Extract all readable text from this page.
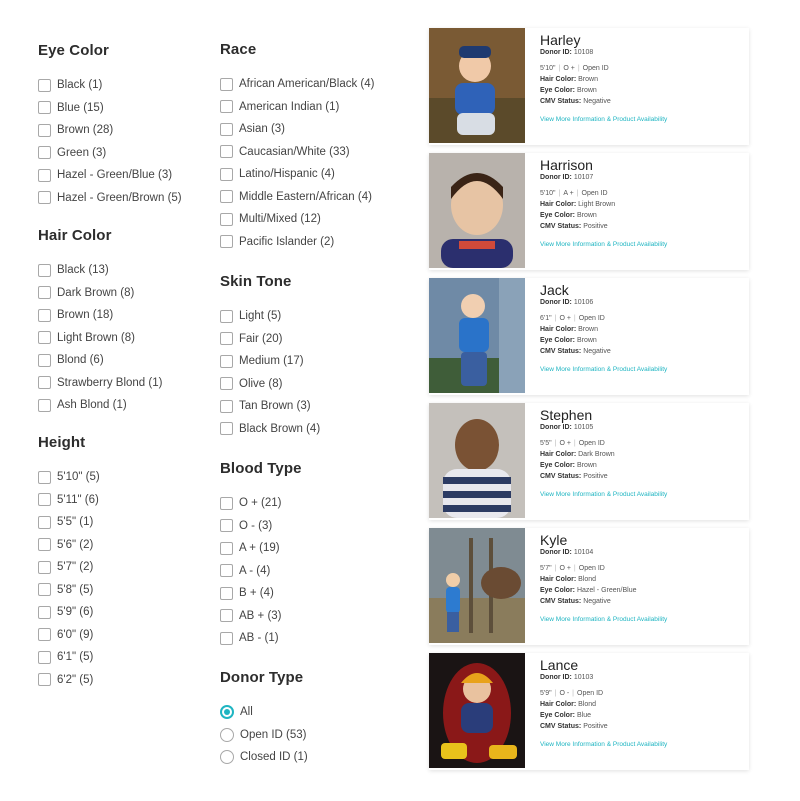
Eye Color
Black (1)
Blue (15)
Brown (28)
Green (3)
Hazel - Green/Blue (3)
Hazel - Green/Brown (5)
Hair Color
Black (13)
Dark Brown (8)
Brown (18)
Light Brown (8)
Blond (6)
Strawberry Blond (1)
Ash Blond (1)
Height
5'10" (5)
5'11" (6)
5'5" (1)
5'6" (2)
5'7" (2)
5'8" (5)
5'9" (6)
6'0" (9)
6'1" (5)
6'2" (5)
Race
African American/Black (4)
American Indian (1)
Asian (3)
Caucasian/White (33)
Latino/Hispanic (4)
Middle Eastern/African (4)
Multi/Mixed (12)
Pacific Islander (2)
Skin Tone
Light (5)
Fair (20)
Medium (17)
Olive (8)
Tan Brown (3)
Black Brown (4)
Blood Type
O + (21)
O - (3)
A + (19)
A - (4)
B + (4)
AB + (3)
AB - (1)
Donor Type
All
Open ID (53)
Closed ID (1)
Harley
Donor ID: 10108
5'10" | O + | Open ID
Hair Color: Brown
Eye Color: Brown
CMV Status: Negative
View More Information & Product Availability
Harrison
Donor ID: 10107
5'10" | A + | Open ID
Hair Color: Light Brown
Eye Color: Brown
CMV Status: Positive
View More Information & Product Availability
Jack
Donor ID: 10106
6'1" | O + | Open ID
Hair Color: Brown
Eye Color: Brown
CMV Status: Negative
View More Information & Product Availability
Stephen
Donor ID: 10105
5'5" | O + | Open ID
Hair Color: Dark Brown
Eye Color: Brown
CMV Status: Positive
View More Information & Product Availability
Kyle
Donor ID: 10104
5'7" | O + | Open ID
Hair Color: Blond
Eye Color: Hazel - Green/Blue
CMV Status: Negative
View More Information & Product Availability
Lance
Donor ID: 10103
5'9" | O - | Open ID
Hair Color: Blond
Eye Color: Blue
CMV Status: Positive
View More Information & Product Availability
